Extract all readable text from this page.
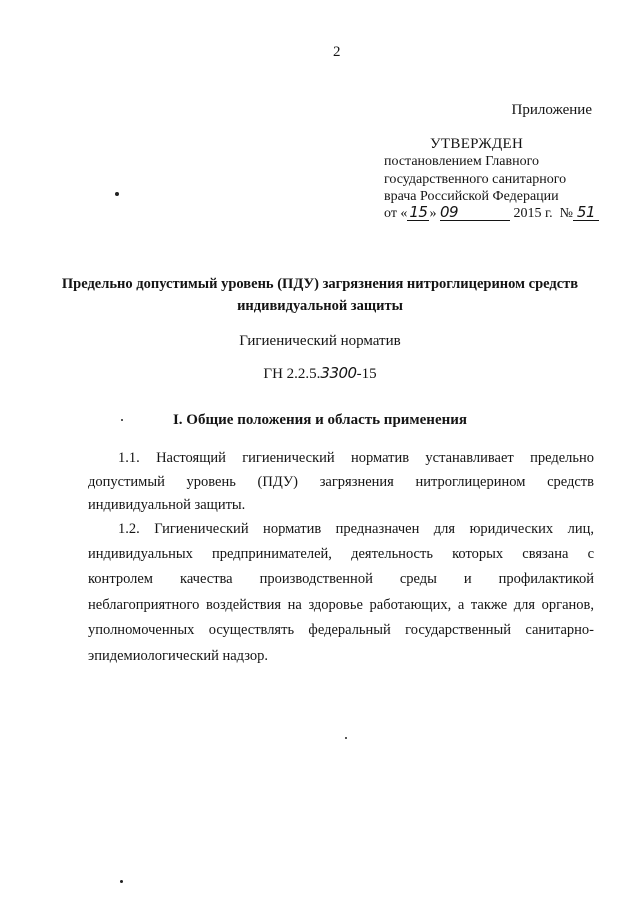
2
Приложение
УТВЕРЖДЕН
постановлением Главного
государственного санитарного
врача Российской Федерации
от « 15 » 09	2015 г. № 51
Предельно допустимый уровень (ПДУ) загрязнения нитроглицерином средств индивидуальной защиты
Гигиенический норматив
ГН 2.2.5.3300-15
I. Общие положения и область применения
1.1. Настоящий гигиенический норматив устанавливает предельно
допустимый уровень (ПДУ) загрязнения нитроглицерином средств
индивидуальной защиты.
1.2. Гигиенический норматив предназначен для юридических лиц,
индивидуальных предпринимателей, деятельность которых связана с
контролем качества производственной среды и профилактикой
неблагоприятного воздействия на здоровье работающих, а также для органов,
уполномоченных осуществлять федеральный государственный санитарно-
эпидемиологический надзор.
